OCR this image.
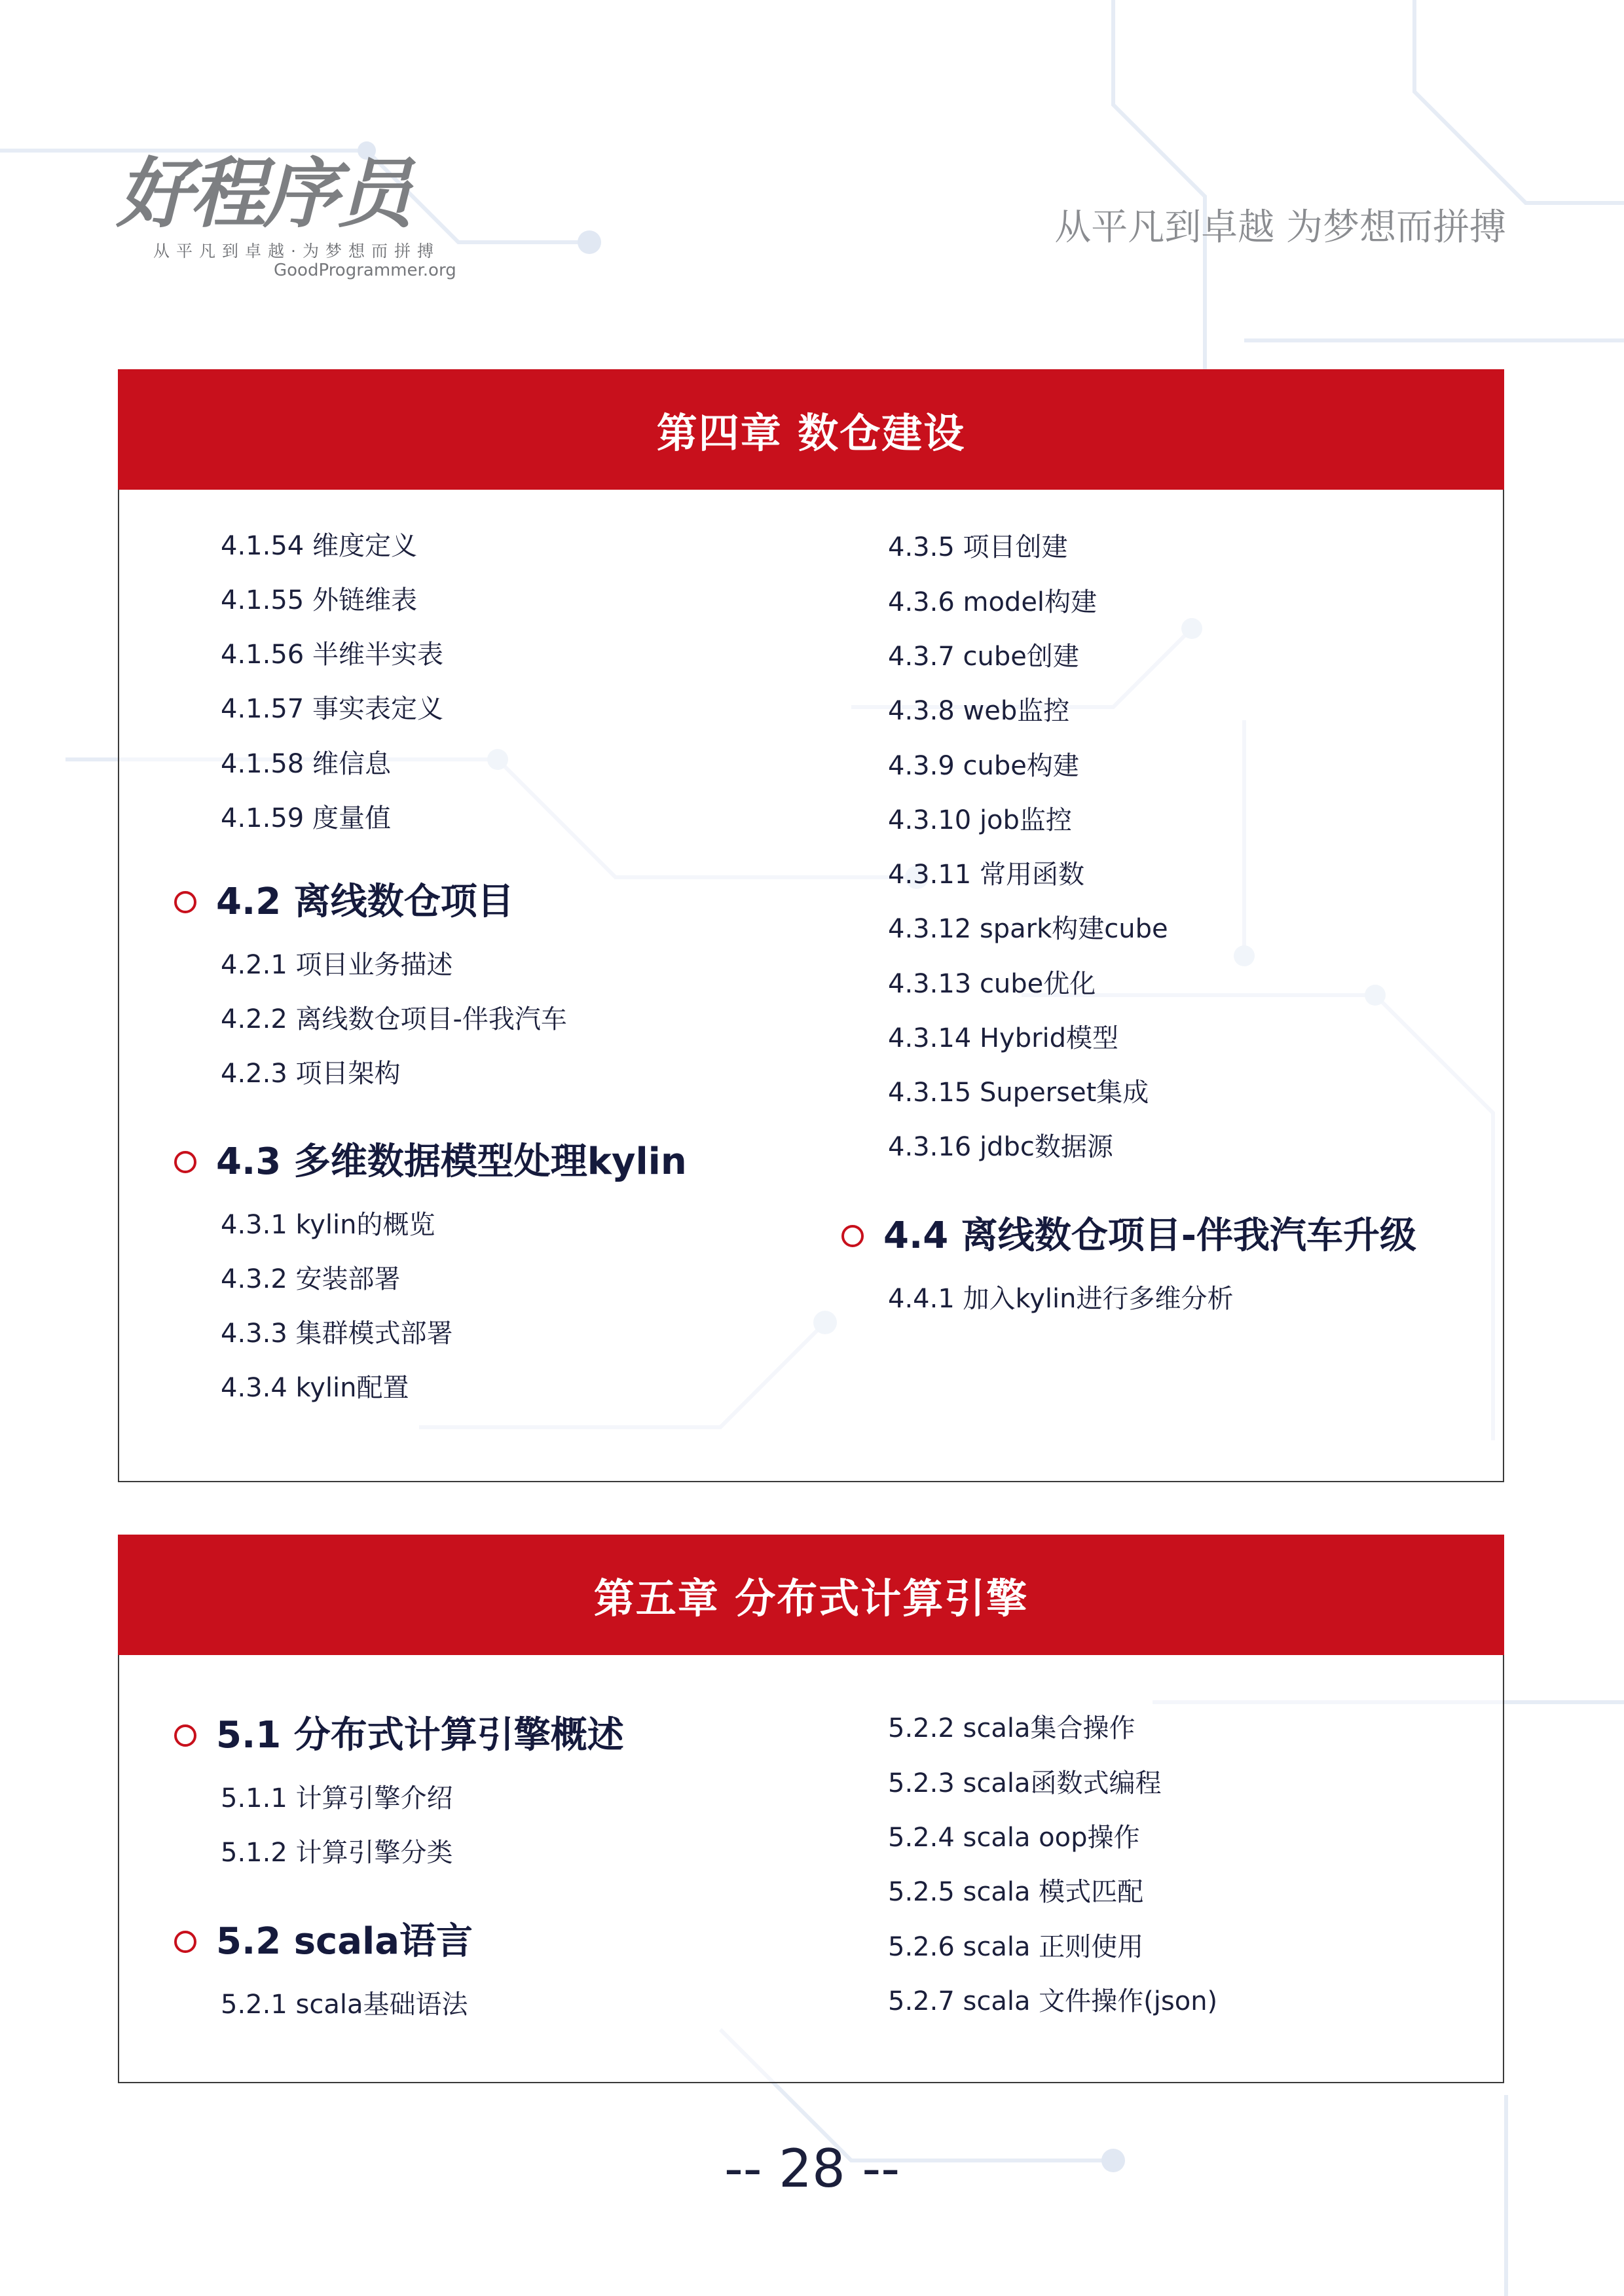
好程序员
从平凡到卓越·为梦想而拼搏
GoodProgrammer.org
从平凡到卓越 为梦想而拼搏
第四章 数仓建设
4.1.54 维度定义
4.1.55 外链维表
4.1.56 半维半实表
4.1.57 事实表定义
4.1.58 维信息
4.1.59 度量值
4.2 离线数仓项目
4.2.1 项目业务描述
4.2.2 离线数仓项目-伴我汽车
4.2.3 项目架构
4.3 多维数据模型处理kylin
4.3.1 kylin的概览
4.3.2 安装部署
4.3.3 集群模式部署
4.3.4 kylin配置
4.3.5 项目创建
4.3.6 model构建
4.3.7 cube创建
4.3.8 web监控
4.3.9 cube构建
4.3.10 job监控
4.3.11 常用函数
4.3.12 spark构建cube
4.3.13 cube优化
4.3.14 Hybrid模型
4.3.15 Superset集成
4.3.16 jdbc数据源
4.4 离线数仓项目-伴我汽车升级
4.4.1 加入kylin进行多维分析
第五章 分布式计算引擎
5.1 分布式计算引擎概述
5.1.1 计算引擎介绍
5.1.2 计算引擎分类
5.2 scala语言
5.2.1 scala基础语法
5.2.2 scala集合操作
5.2.3 scala函数式编程
5.2.4 scala oop操作
5.2.5 scala 模式匹配
5.2.6 scala 正则使用
5.2.7 scala 文件操作(json)
-- 28 --
